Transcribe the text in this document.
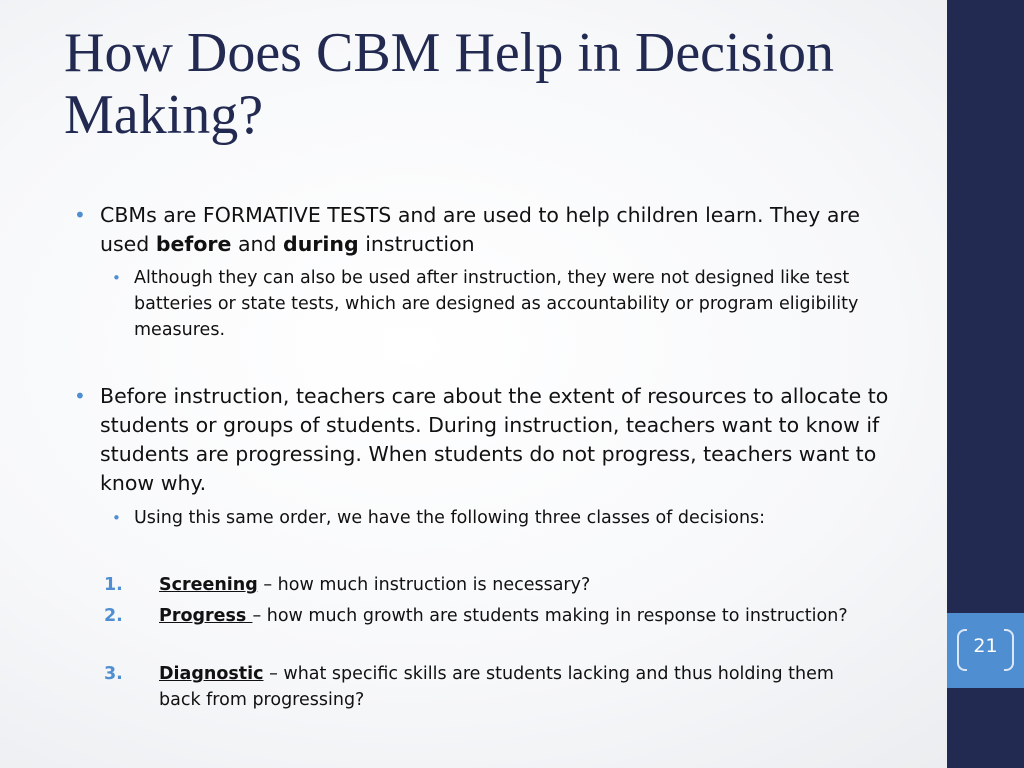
21
How Does CBM Help in Decision Making?
• CBMs are FORMATIVE TESTS and are used to help children learn. They are used before and during instruction
• Although they can also be used after instruction, they were not designed like test batteries or state tests, which are designed as accountability or program eligibility measures.
• Before instruction, teachers care about the extent of resources to allocate to students or groups of students. During instruction, teachers want to know if students are progressing. When students do not progress, teachers want to know why.
• Using this same order, we have the following three classes of decisions:
1. Screening – how much instruction is necessary?
2. Progress – how much growth are students making in response to instruction?
3. Diagnostic – what specific skills are students lacking and thus holding them back from progressing?
